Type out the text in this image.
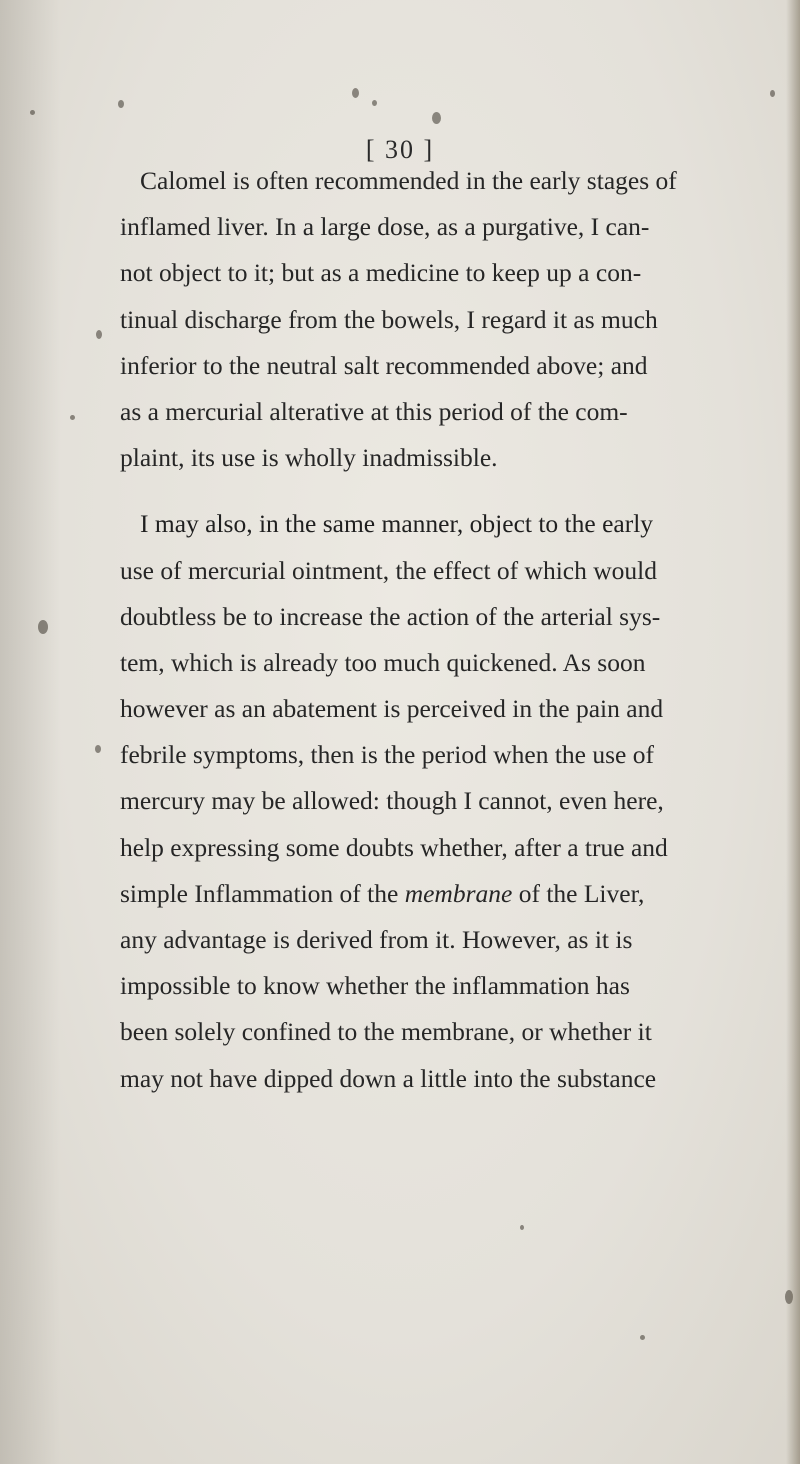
[ 30 ]
Calomel is often recommended in the early stages of
inflamed liver. In a large dose, as a purgative, I can-
not object to it; but as a medicine to keep up a con-
tinual discharge from the bowels, I regard it as much
inferior to the neutral salt recommended above; and
as a mercurial alterative at this period of the com-
plaint, its use is wholly inadmissible.
I may also, in the same manner, object to the early
use of mercurial ointment, the effect of which would
doubtless be to increase the action of the arterial sys-
tem, which is already too much quickened. As soon
however as an abatement is perceived in the pain and
febrile symptoms, then is the period when the use of
mercury may be allowed: though I cannot, even here,
help expressing some doubts whether, after a true and
simple Inflammation of the membrane of the Liver,
any advantage is derived from it. However, as it is
impossible to know whether the inflammation has
been solely confined to the membrane, or whether it
may not have dipped down a little into the substance
